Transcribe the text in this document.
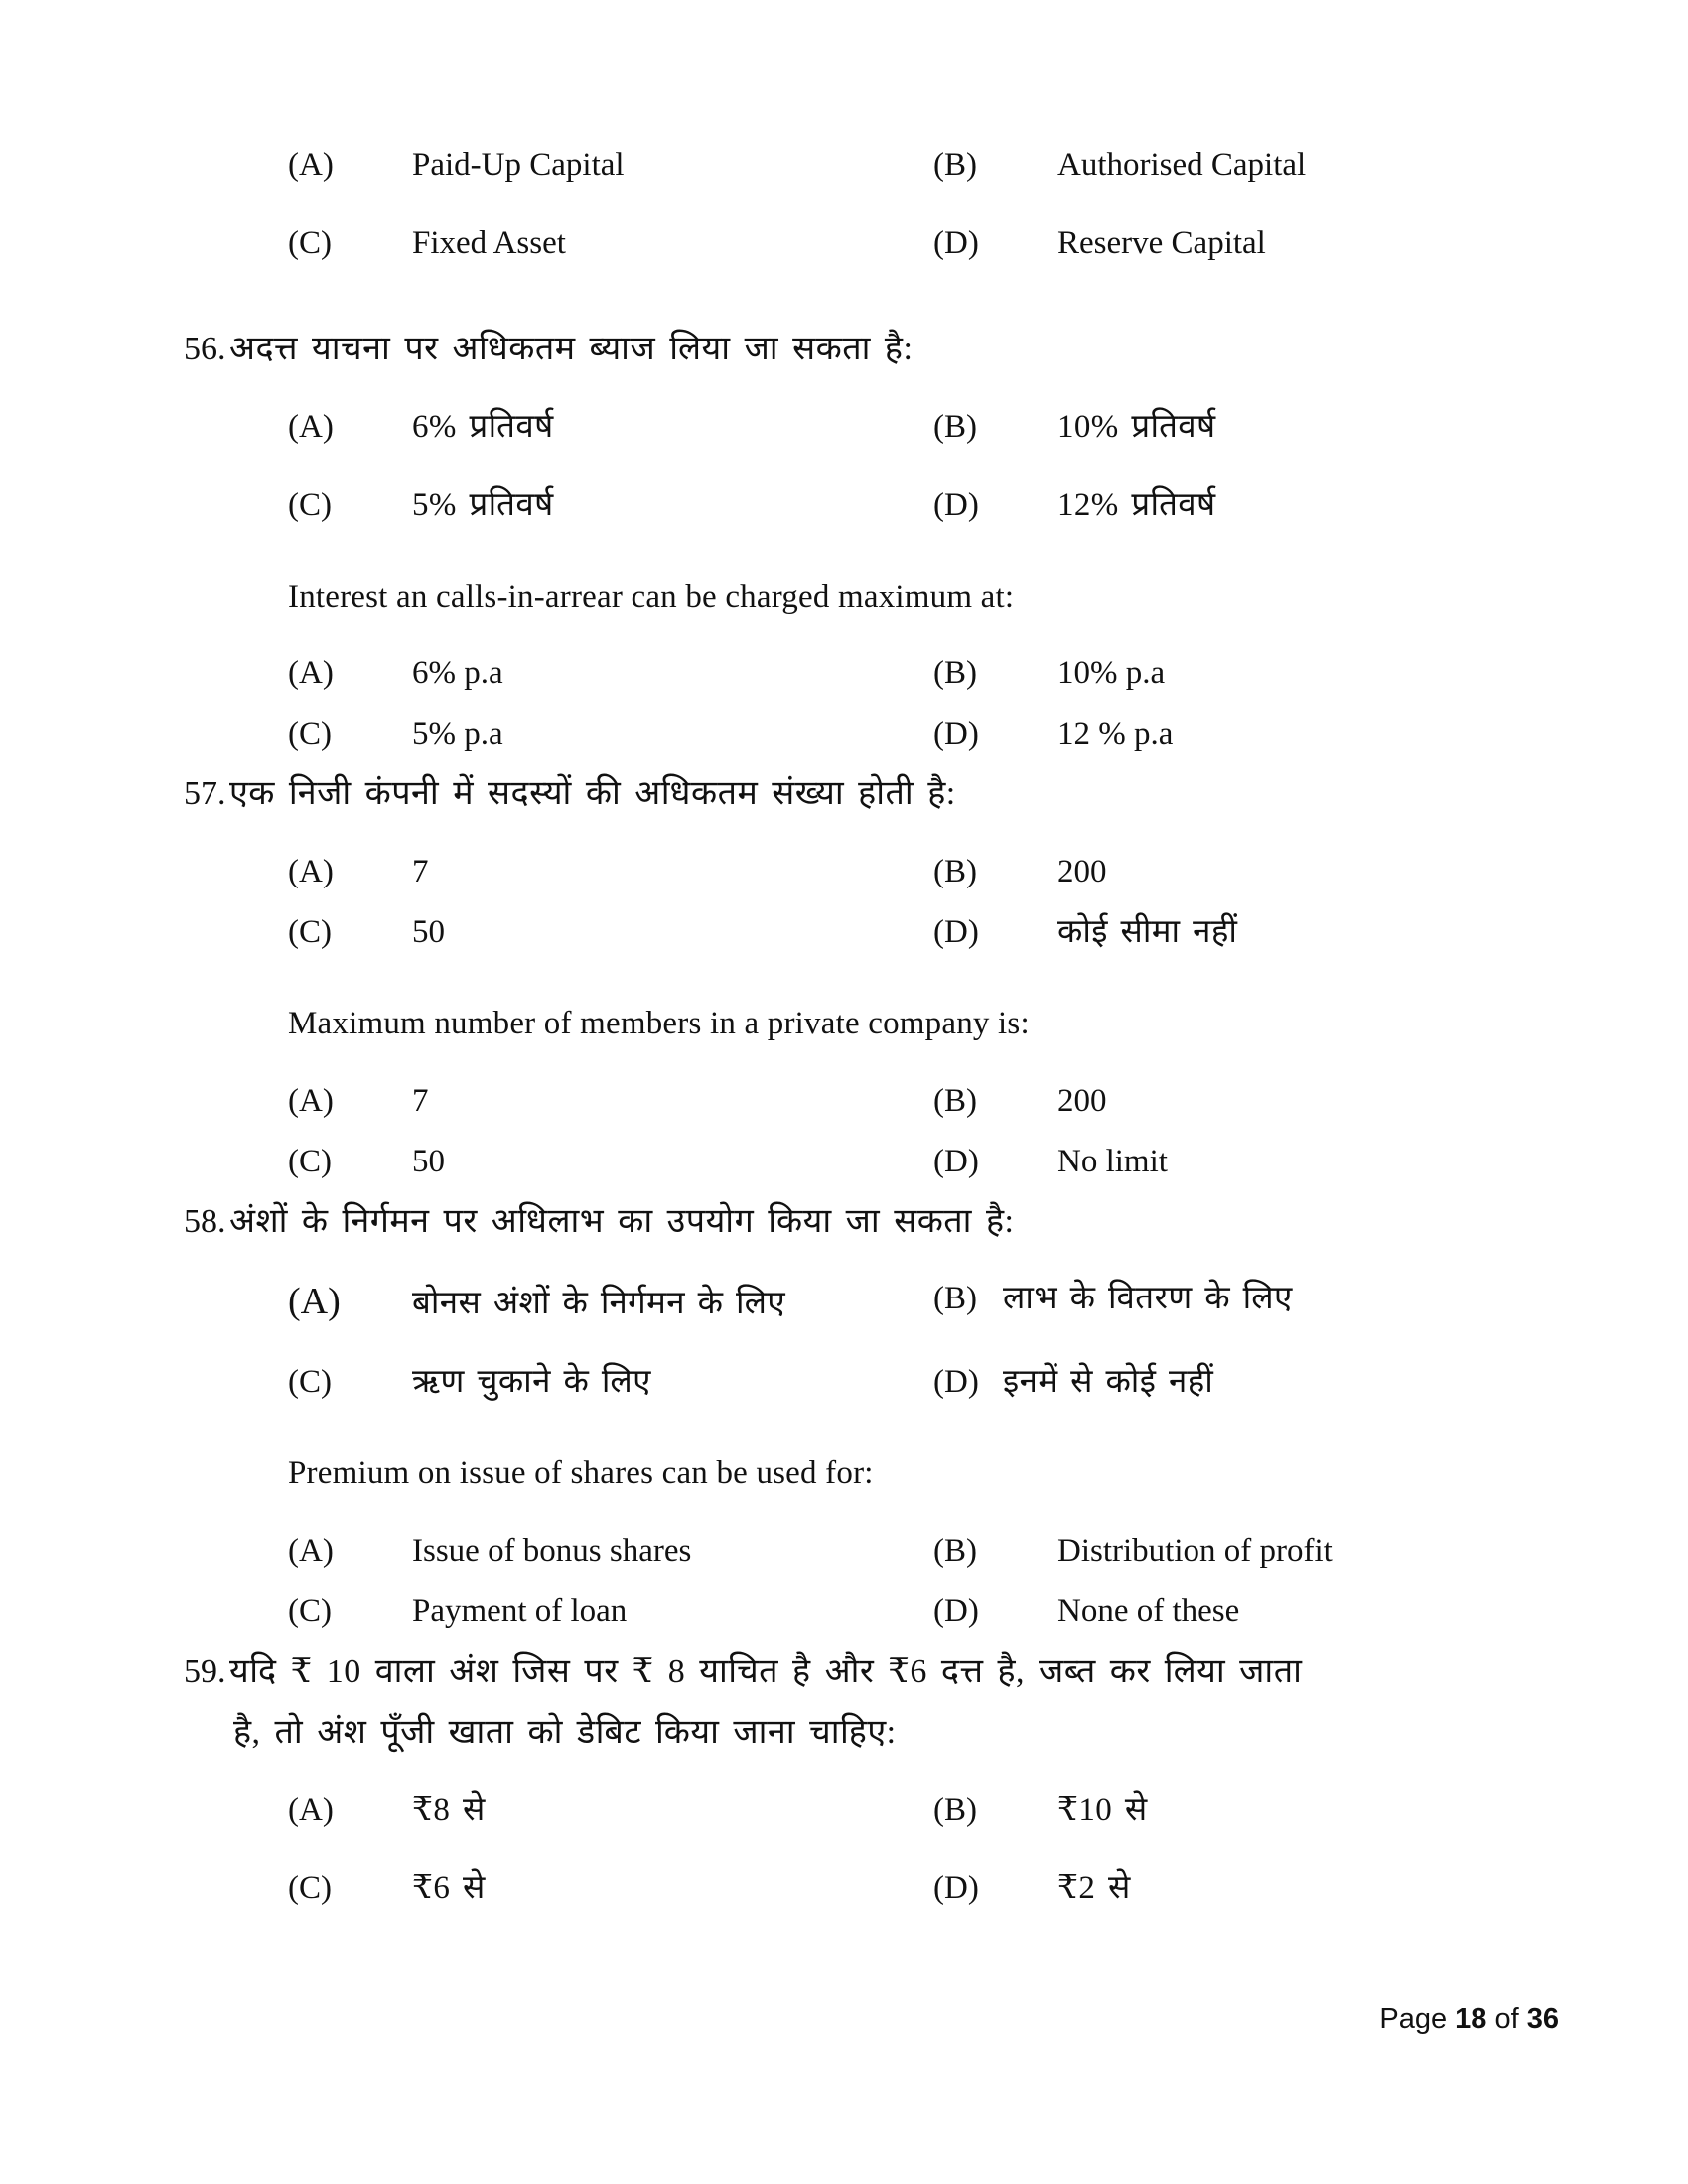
(A)	Paid-Up Capital	(B)	Authorised Capital
(C)	Fixed Asset	(D)	Reserve Capital
56. अदत्त याचना पर अधिकतम ब्याज लिया जा सकता है:
(A)	6% प्रतिवर्ष	(B)	10% प्रतिवर्ष
(C)	5% प्रतिवर्ष	(D)	12% प्रतिवर्ष
Interest an calls-in-arrear can be charged maximum at:
(A)	6% p.a	(B)	10% p.a
(C)	5% p.a	(D)	12 % p.a
57. एक निजी कंपनी में सदस्यों की अधिकतम संख्या होती है:
(A)	7	(B)	200
(C)	50	(D)	कोई सीमा नहीं
Maximum number of members in a private company is:
(A)	7	(B)	200
(C)	50	(D)	No limit
58. अंशों के निर्गमन पर अधिलाभ का उपयोग किया जा सकता है:
(A)	बोनस अंशों के निर्गमन के लिए	(B) लाभ के वितरण के लिए
(C)	ऋण चुकाने के लिए	(D) इनमें से कोई नहीं
Premium on issue of shares can be used for:
(A)	Issue of bonus shares	(B)	Distribution of profit
(C)	Payment of loan	(D)	None of these
59. यदि ₹ 10 वाला अंश जिस पर ₹ 8 याचित है और ₹6 दत्त है, जब्त कर लिया जाता
है, तो अंश पूँजी खाता को डेबिट किया जाना चाहिए:
(A)	₹8 से	(B)	₹10 से
(C)	₹6 से	(D)	₹2 से
Page 18 of 36
